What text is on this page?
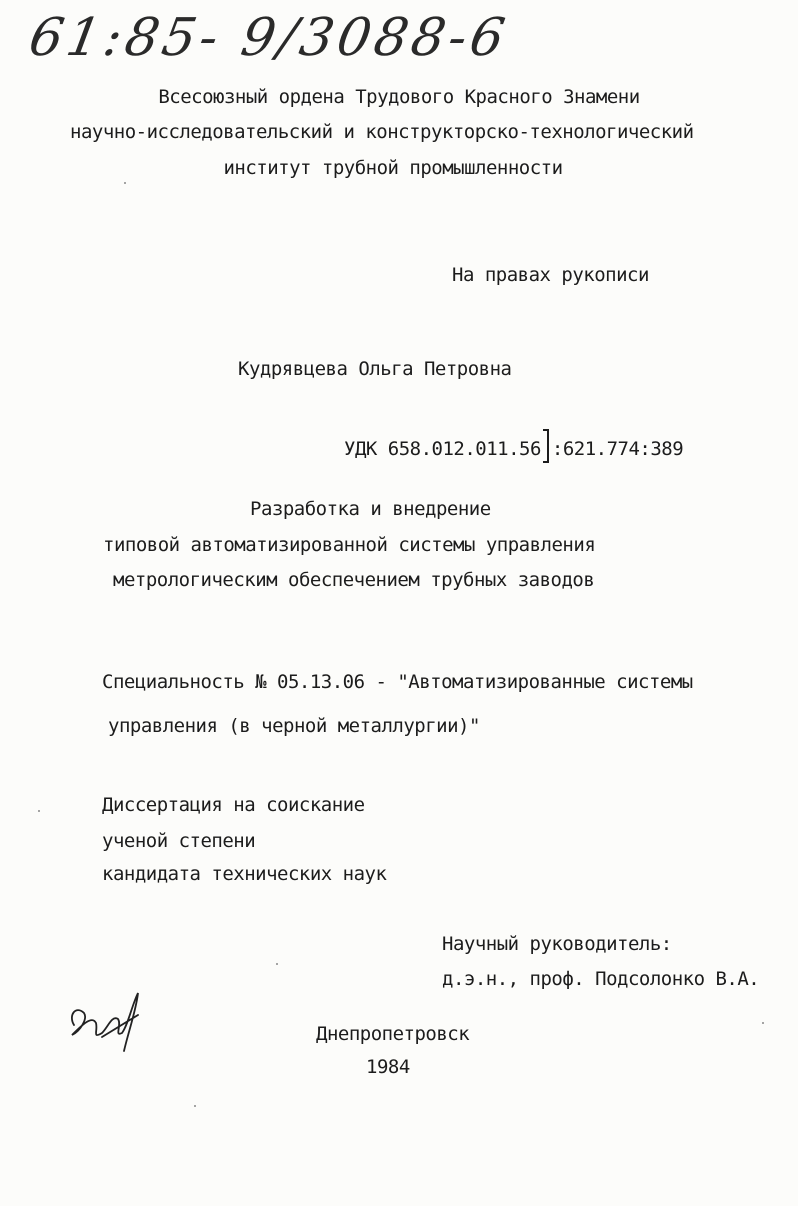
61:85- 9/3088-6
Всесоюзный ордена Трудового Красного Знамени
научно-исследовательский и конструкторско-технологический
институт трубной промышленности
На правах рукописи
Кудрявцева Ольга Петровна
УДК 658.012.011.56 :621.774:389
Разработка и внедрение
типовой автоматизированной системы управления
метрологическим обеспечением трубных заводов
Специальность № 05.13.06 - "Автоматизированные системы
управления (в черной металлургии)"
Диссертация на соискание
ученой степени
кандидата технических наук
Научный руководитель:
д.э.н., проф. Подсолонко В.А.
Днепропетровск
1984
